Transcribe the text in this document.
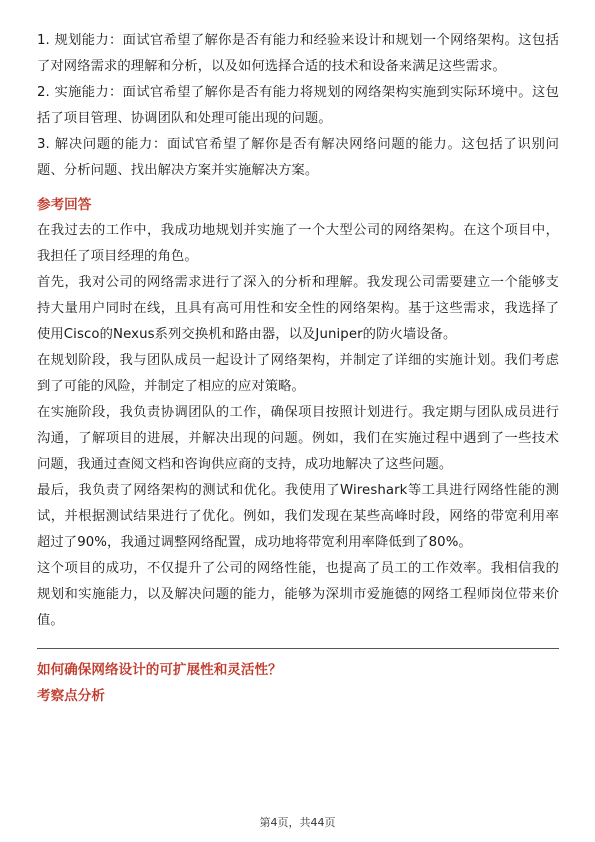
1. 规划能力：面试官希望了解你是否有能力和经验来设计和规划一个网络架构。这包括了对网络需求的理解和分析，以及如何选择合适的技术和设备来满足这些需求。

2. 实施能力：面试官希望了解你是否有能力将规划的网络架构实施到实际环境中。这包括了项目管理、协调团队和处理可能出现的问题。

3. 解决问题的能力：面试官希望了解你是否有解决网络问题的能力。这包括了识别问题、分析问题、找出解决方案并实施解决方案。

参考回答

在我过去的工作中，我成功地规划并实施了一个大型公司的网络架构。在这个项目中，我担任了项目经理的角色。

首先，我对公司的网络需求进行了深入的分析和理解。我发现公司需要建立一个能够支持大量用户同时在线，且具有高可用性和安全性的网络架构。基于这些需求，我选择了使用Cisco的Nexus系列交换机和路由器，以及Juniper的防火墙设备。

在规划阶段，我与团队成员一起设计了网络架构，并制定了详细的实施计划。我们考虑到了可能的风险，并制定了相应的应对策略。

在实施阶段，我负责协调团队的工作，确保项目按照计划进行。我定期与团队成员进行沟通，了解项目的进展，并解决出现的问题。例如，我们在实施过程中遇到了一些技术问题，我通过查阅文档和咨询供应商的支持，成功地解决了这些问题。

最后，我负责了网络架构的测试和优化。我使用了Wireshark等工具进行网络性能的测试，并根据测试结果进行了优化。例如，我们发现在某些高峰时段，网络的带宽利用率超过了90%，我通过调整网络配置，成功地将带宽利用率降低到了80%。

这个项目的成功，不仅提升了公司的网络性能，也提高了员工的工作效率。我相信我的规划和实施能力，以及解决问题的能力，能够为深圳市爱施德的网络工程师岗位带来价值。

如何确保网络设计的可扩展性和灵活性？

考察点分析

第4页，共44页
